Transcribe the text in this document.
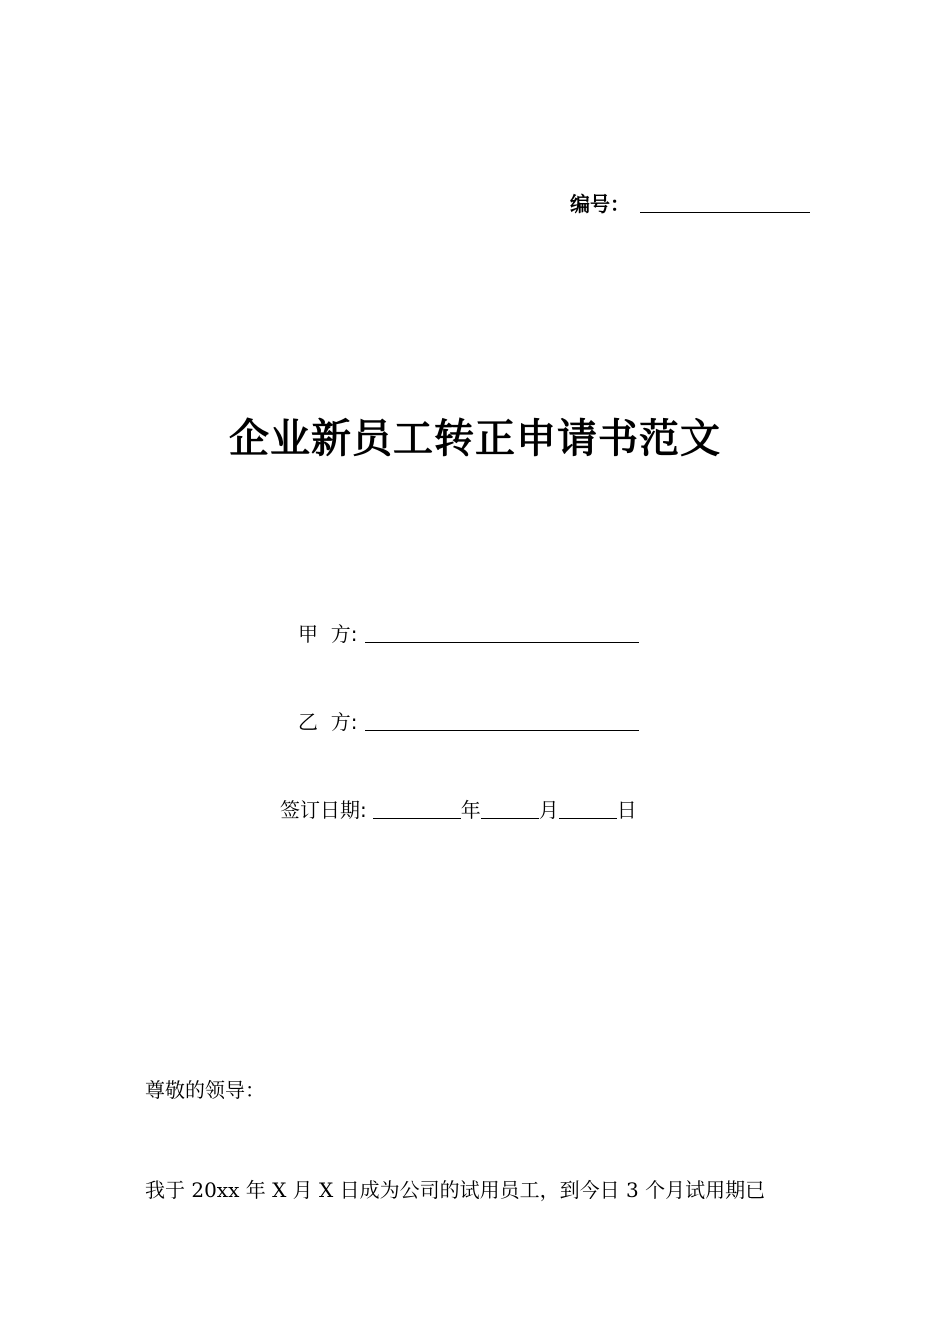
编号：
企业新员工转正申请书范文
甲  方:
乙  方:
签订日期:	年	月	日
尊敬的领导：
我于 20xx 年 X 月 X 日成为公司的试用员工，到今日 3 个月试用期已
